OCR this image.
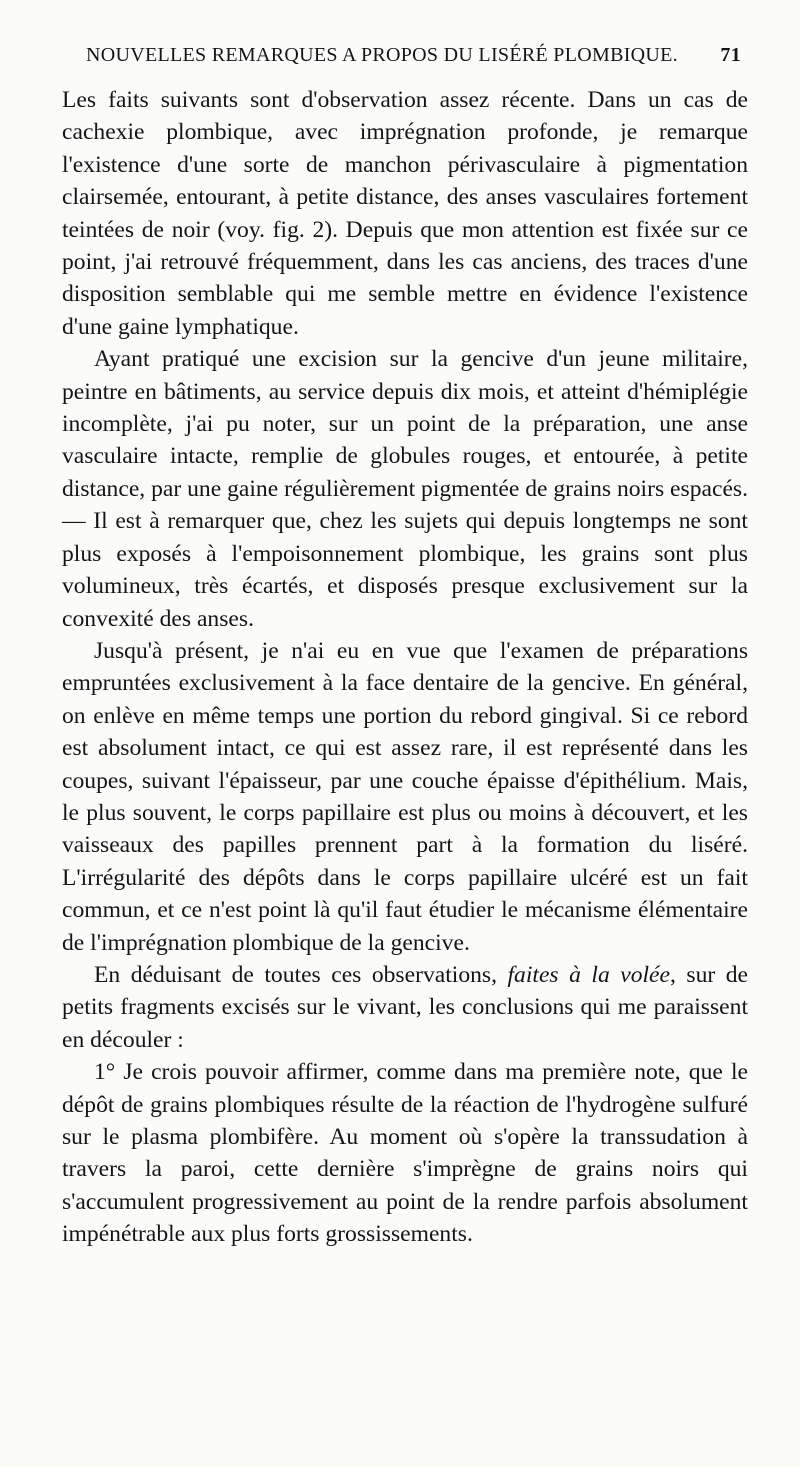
NOUVELLES REMARQUES A PROPOS DU LISÉRÉ PLOMBIQUE. 71

Les faits suivants sont d'observation assez récente. Dans un cas de cachexie plombique, avec imprégnation profonde, je remarque l'existence d'une sorte de manchon périvasculaire à pigmentation clairsemée, entourant, à petite distance, des anses vasculaires fortement teintées de noir (voy. fig. 2). Depuis que mon attention est fixée sur ce point, j'ai retrouvé fréquemment, dans les cas anciens, des traces d'une disposition semblable qui me semble mettre en évidence l'existence d'une gaine lymphatique.

Ayant pratiqué une excision sur la gencive d'un jeune militaire, peintre en bâtiments, au service depuis dix mois, et atteint d'hémiplégie incomplète, j'ai pu noter, sur un point de la préparation, une anse vasculaire intacte, remplie de globules rouges, et entourée, à petite distance, par une gaine régulièrement pigmentée de grains noirs espacés. — Il est à remarquer que, chez les sujets qui depuis longtemps ne sont plus exposés à l'empoisonnement plombique, les grains sont plus volumineux, très écartés, et disposés presque exclusivement sur la convexité des anses.

Jusqu'à présent, je n'ai eu en vue que l'examen de préparations empruntées exclusivement à la face dentaire de la gencive. En général, on enlève en même temps une portion du rebord gingival. Si ce rebord est absolument intact, ce qui est assez rare, il est représenté dans les coupes, suivant l'épaisseur, par une couche épaisse d'épithélium. Mais, le plus souvent, le corps papillaire est plus ou moins à découvert, et les vaisseaux des papilles prennent part à la formation du liséré. L'irrégularité des dépôts dans le corps papillaire ulcéré est un fait commun, et ce n'est point là qu'il faut étudier le mécanisme élémentaire de l'imprégnation plombique de la gencive.

En déduisant de toutes ces observations, faites à la volée, sur de petits fragments excisés sur le vivant, les conclusions qui me paraissent en découler :

1° Je crois pouvoir affirmer, comme dans ma première note, que le dépôt de grains plombiques résulte de la réaction de l'hydrogène sulfuré sur le plasma plombifère. Au moment où s'opère la transsudation à travers la paroi, cette dernière s'imprègne de grains noirs qui s'accumulent progressivement au point de la rendre parfois absolument impénétrable aux plus forts grossissements.
